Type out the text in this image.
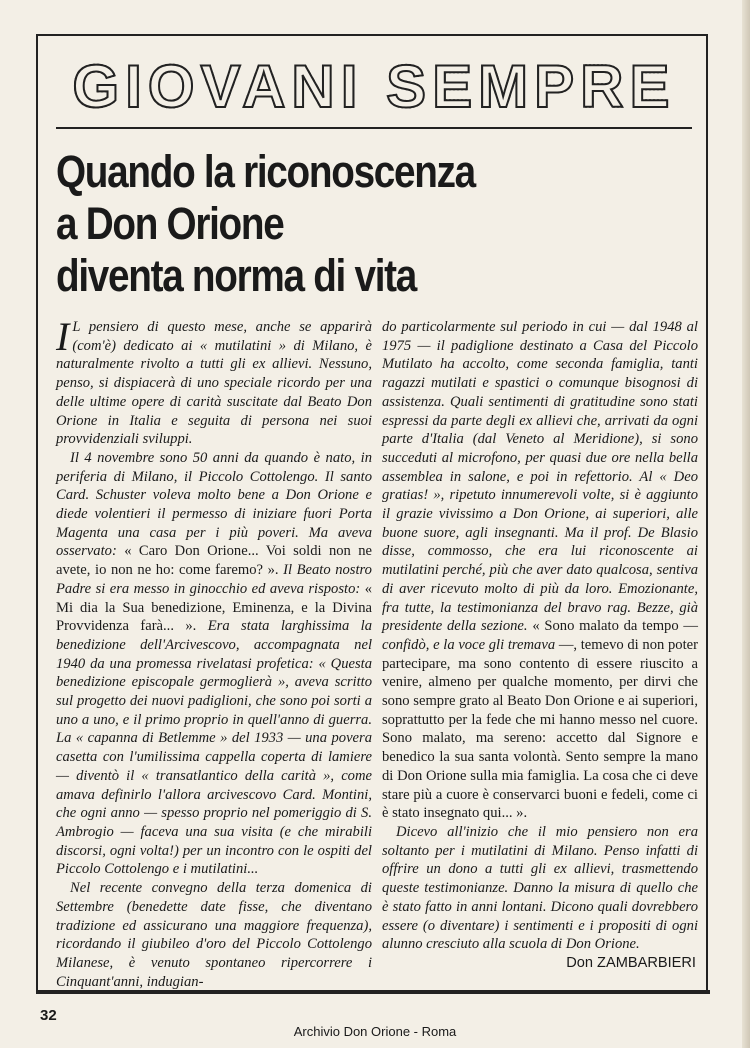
GIOVANI SEMPRE
Quando la riconoscenza
a Don Orione
diventa norma di vita

I L pensiero di questo mese, anche se apparirà (com'è) dedicato ai « mutilatini » di Milano, è naturalmente rivolto a tutti gli ex allievi. Nessuno, penso, si dispiacerà di uno speciale ricordo per una delle ultime opere di carità suscitate dal Beato Don Orione in Italia e seguita di persona nei suoi provvidenziali sviluppi.

Il 4 novembre sono 50 anni da quando è nato, in periferia di Milano, il Piccolo Cottolengo. Il santo Card. Schuster voleva molto bene a Don Orione e diede volentieri il permesso di iniziare fuori Porta Magenta una casa per i più poveri. Ma aveva osservato: « Caro Don Orione... Voi soldi non ne avete, io non ne ho: come faremo? ». Il Beato nostro Padre si era messo in ginocchio ed aveva risposto: « Mi dia la Sua benedizione, Eminenza, e la Divina Provvidenza farà... ». Era stata larghissima la benedizione dell'Arcivescovo, accompagnata nel 1940 da una promessa rivelatasi profetica: « Questa benedizione episcopale germoglierà », aveva scritto sul progetto dei nuovi padiglioni, che sono poi sorti a uno a uno, e il primo proprio in quell'anno di guerra. La « capanna di Betlemme » del 1933 — una povera casetta con l'umilissima cappella coperta di lamiere — diventò il « transatlantico della carità », come amava definirlo l'allora arcivescovo Card. Montini, che ogni anno — spesso proprio nel pomeriggio di S. Ambrogio — faceva una sua visita (e che mirabili discorsi, ogni volta!) per un incontro con le ospiti del Piccolo Cottolengo e i mutilatini...

Nel recente convegno della terza domenica di Settembre (benedette date fisse, che diventano tradizione ed assicurano una maggiore frequenza), ricordando il giubileo d'oro del Piccolo Cottolengo Milanese, è venuto spontaneo ripercorrere i Cinquant'anni, indugian-

do particolarmente sul periodo in cui — dal 1948 al 1975 — il padiglione destinato a Casa del Piccolo Mutilato ha accolto, come seconda famiglia, tanti ragazzi mutilati e spastici o comunque bisognosi di assistenza. Quali sentimenti di gratitudine sono stati espressi da parte degli ex allievi che, arrivati da ogni parte d'Italia (dal Veneto al Meridione), si sono succeduti al microfono, per quasi due ore nella bella assemblea in salone, e poi in refettorio. Al « Deo gratias! », ripetuto innumerevoli volte, si è aggiunto il grazie vivissimo a Don Orione, ai superiori, alle buone suore, agli insegnanti. Ma il prof. De Blasio disse, commosso, che era lui riconoscente ai mutilatini perché, più che aver dato qualcosa, sentiva di aver ricevuto molto di più da loro. Emozionante, fra tutte, la testimonianza del bravo rag. Bezze, già presidente della sezione. « Sono malato da tempo — confidò, e la voce gli tremava —, temevo di non poter partecipare, ma sono contento di essere riuscito a venire, almeno per qualche momento, per dirvi che sono sempre grato al Beato Don Orione e ai superiori, soprattutto per la fede che mi hanno messo nel cuore. Sono malato, ma sereno: accetto dal Signore e benedico la sua santa volontà. Sento sempre la mano di Don Orione sulla mia famiglia. La cosa che ci deve stare più a cuore è conservarci buoni e fedeli, come ci è stato insegnato qui... ».

Dicevo all'inizio che il mio pensiero non era soltanto per i mutilatini di Milano. Penso infatti di offrire un dono a tutti gli ex allievi, trasmettendo queste testimonianze. Danno la misura di quello che è stato fatto in anni lontani. Dicono quali dovrebbero essere (o diventare) i sentimenti e i propositi di ogni alunno cresciuto alla scuola di Don Orione.

Don ZAMBARBIERI
32
Archivio Don Orione - Roma
